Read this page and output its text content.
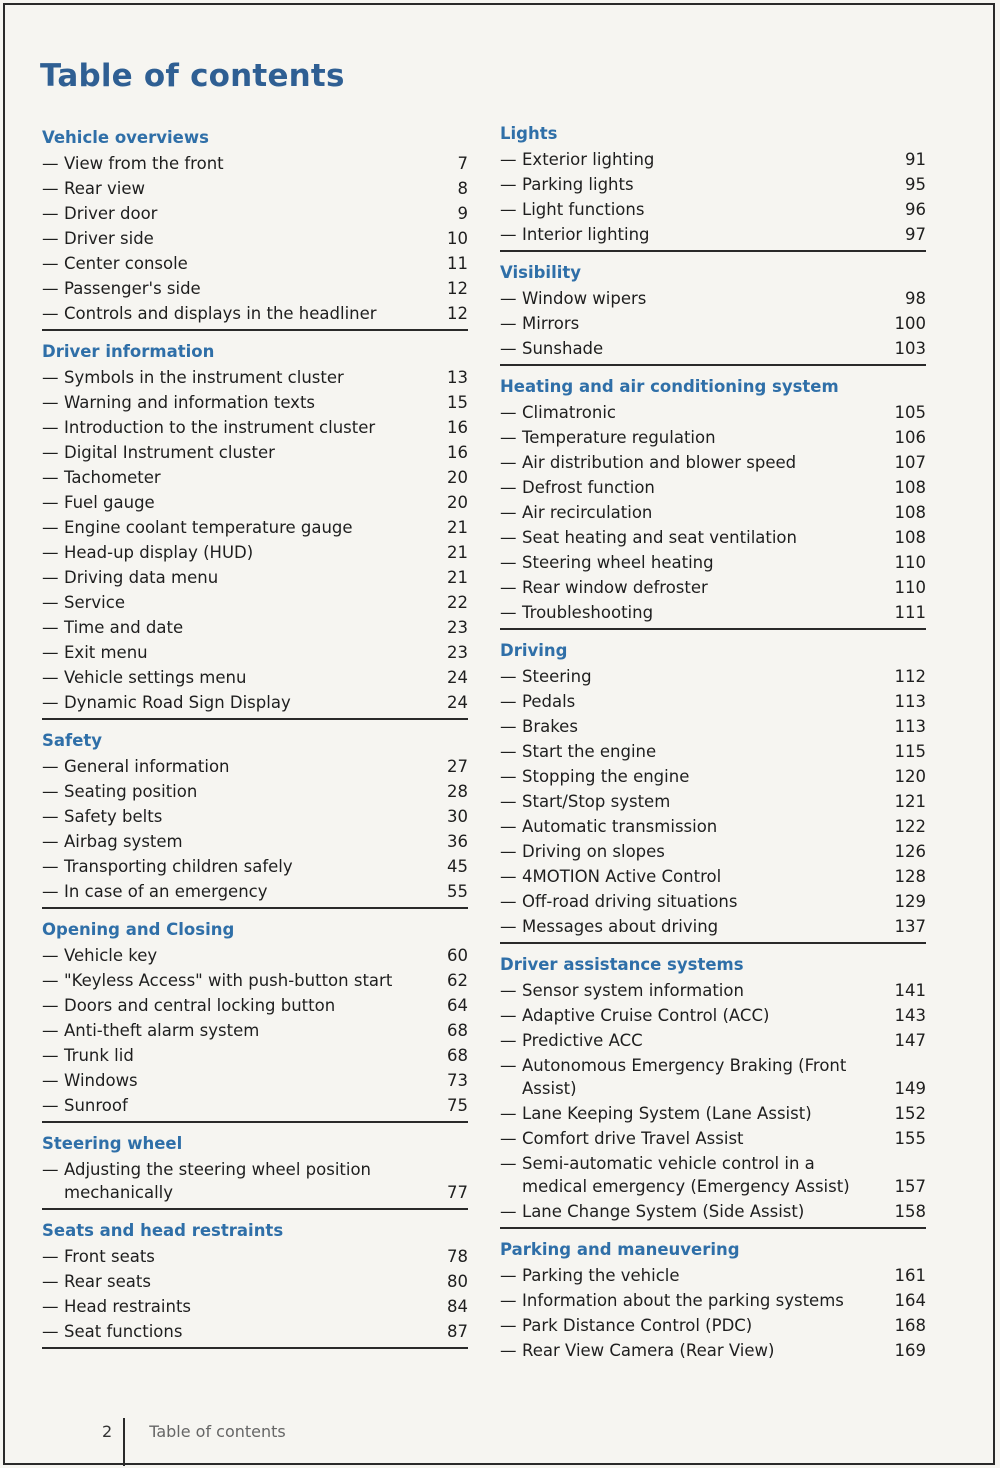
Table of contents
Vehicle overviews
— View from the front	7
— Rear view	8
— Driver door	9
— Driver side	10
— Center console	11
— Passenger's side	12
— Controls and displays in the headliner	12
Driver information
— Symbols in the instrument cluster	13
— Warning and information texts	15
— Introduction to the instrument cluster	16
— Digital Instrument cluster	16
— Tachometer	20
— Fuel gauge	20
— Engine coolant temperature gauge	21
— Head-up display (HUD)	21
— Driving data menu	21
— Service	22
— Time and date	23
— Exit menu	23
— Vehicle settings menu	24
— Dynamic Road Sign Display	24
Safety
— General information	27
— Seating position	28
— Safety belts	30
— Airbag system	36
— Transporting children safely	45
— In case of an emergency	55
Opening and Closing
— Vehicle key	60
— "Keyless Access" with push-button start	62
— Doors and central locking button	64
— Anti-theft alarm system	68
— Trunk lid	68
— Windows	73
— Sunroof	75
Steering wheel
— Adjusting the steering wheel position mechanically	77
Seats and head restraints
— Front seats	78
— Rear seats	80
— Head restraints	84
— Seat functions	87
Lights
— Exterior lighting	91
— Parking lights	95
— Light functions	96
— Interior lighting	97
Visibility
— Window wipers	98
— Mirrors	100
— Sunshade	103
Heating and air conditioning system
— Climatronic	105
— Temperature regulation	106
— Air distribution and blower speed	107
— Defrost function	108
— Air recirculation	108
— Seat heating and seat ventilation	108
— Steering wheel heating	110
— Rear window defroster	110
— Troubleshooting	111
Driving
— Steering	112
— Pedals	113
— Brakes	113
— Start the engine	115
— Stopping the engine	120
— Start/Stop system	121
— Automatic transmission	122
— Driving on slopes	126
— 4MOTION Active Control	128
— Off-road driving situations	129
— Messages about driving	137
Driver assistance systems
— Sensor system information	141
— Adaptive Cruise Control (ACC)	143
— Predictive ACC	147
— Autonomous Emergency Braking (Front Assist)	149
— Lane Keeping System (Lane Assist)	152
— Comfort drive Travel Assist	155
— Semi-automatic vehicle control in a medical emergency (Emergency Assist)	157
— Lane Change System (Side Assist)	158
Parking and maneuvering
— Parking the vehicle	161
— Information about the parking systems	164
— Park Distance Control (PDC)	168
— Rear View Camera (Rear View)	169
2 Table of contents
